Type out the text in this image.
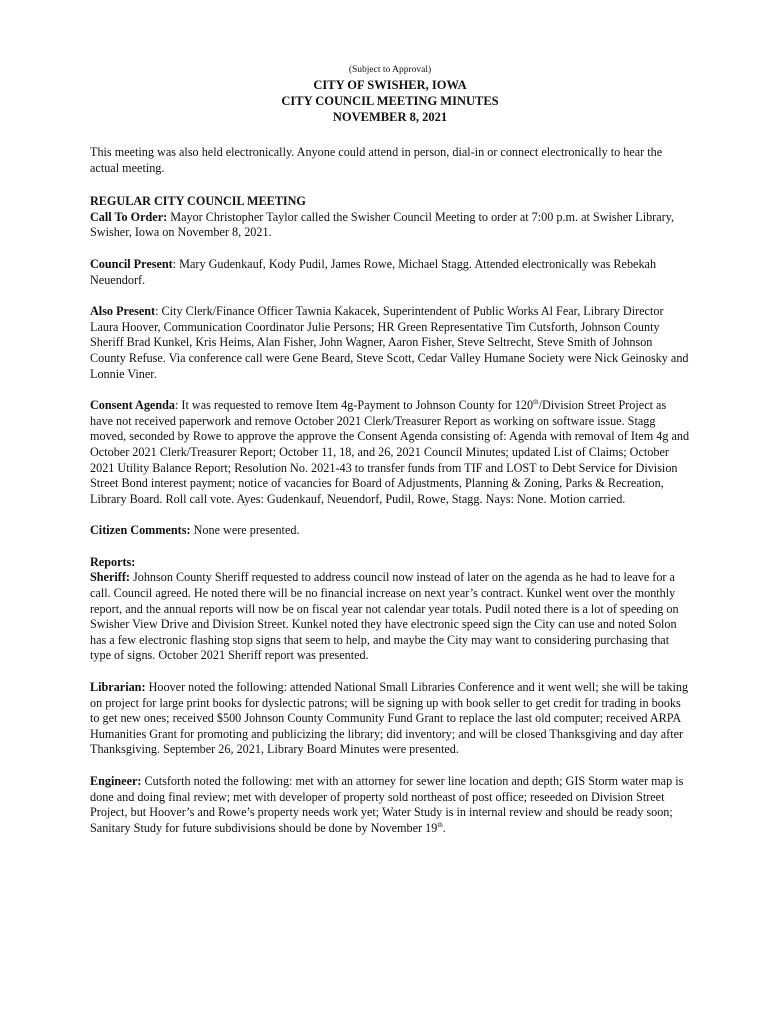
(Subject to Approval)
CITY OF SWISHER, IOWA
CITY COUNCIL MEETING MINUTES
NOVEMBER 8, 2021

This meeting was also held electronically. Anyone could attend in person, dial-in or connect electronically to hear the actual meeting.

REGULAR CITY COUNCIL MEETING

Call To Order: Mayor Christopher Taylor called the Swisher Council Meeting to order at 7:00 p.m. at Swisher Library, Swisher, Iowa on November 8, 2021.

Council Present: Mary Gudenkauf, Kody Pudil, James Rowe, Michael Stagg. Attended electronically was Rebekah Neuendorf.

Also Present: City Clerk/Finance Officer Tawnia Kakacek, Superintendent of Public Works Al Fear, Library Director Laura Hoover, Communication Coordinator Julie Persons; HR Green Representative Tim Cutsforth, Johnson County Sheriff Brad Kunkel, Kris Heims, Alan Fisher, John Wagner, Aaron Fisher, Steve Seltrecht, Steve Smith of Johnson County Refuse. Via conference call were Gene Beard, Steve Scott, Cedar Valley Humane Society were Nick Geinosky and Lonnie Viner.

Consent Agenda: It was requested to remove Item 4g-Payment to Johnson County for 120th/Division Street Project as have not received paperwork and remove October 2021 Clerk/Treasurer Report as working on software issue. Stagg moved, seconded by Rowe to approve the approve the Consent Agenda consisting of: Agenda with removal of Item 4g and October 2021 Clerk/Treasurer Report; October 11, 18, and 26, 2021 Council Minutes; updated List of Claims; October 2021 Utility Balance Report; Resolution No. 2021-43 to transfer funds from TIF and LOST to Debt Service for Division Street Bond interest payment; notice of vacancies for Board of Adjustments, Planning & Zoning, Parks & Recreation, Library Board. Roll call vote. Ayes: Gudenkauf, Neuendorf, Pudil, Rowe, Stagg. Nays: None. Motion carried.

Citizen Comments: None were presented.

Reports:

Sheriff: Johnson County Sheriff requested to address council now instead of later on the agenda as he had to leave for a call. Council agreed. He noted there will be no financial increase on next year’s contract. Kunkel went over the monthly report, and the annual reports will now be on fiscal year not calendar year totals. Pudil noted there is a lot of speeding on Swisher View Drive and Division Street. Kunkel noted they have electronic speed sign the City can use and noted Solon has a few electronic flashing stop signs that seem to help, and maybe the City may want to considering purchasing that type of signs. October 2021 Sheriff report was presented.

Librarian: Hoover noted the following: attended National Small Libraries Conference and it went well; she will be taking on project for large print books for dyslectic patrons; will be signing up with book seller to get credit for trading in books to get new ones; received $500 Johnson County Community Fund Grant to replace the last old computer; received ARPA Humanities Grant for promoting and publicizing the library; did inventory; and will be closed Thanksgiving and day after Thanksgiving. September 26, 2021, Library Board Minutes were presented.

Engineer: Cutsforth noted the following: met with an attorney for sewer line location and depth; GIS Storm water map is done and doing final review; met with developer of property sold northeast of post office; reseeded on Division Street Project, but Hoover’s and Rowe’s property needs work yet; Water Study is in internal review and should be ready soon; Sanitary Study for future subdivisions should be done by November 19th.
